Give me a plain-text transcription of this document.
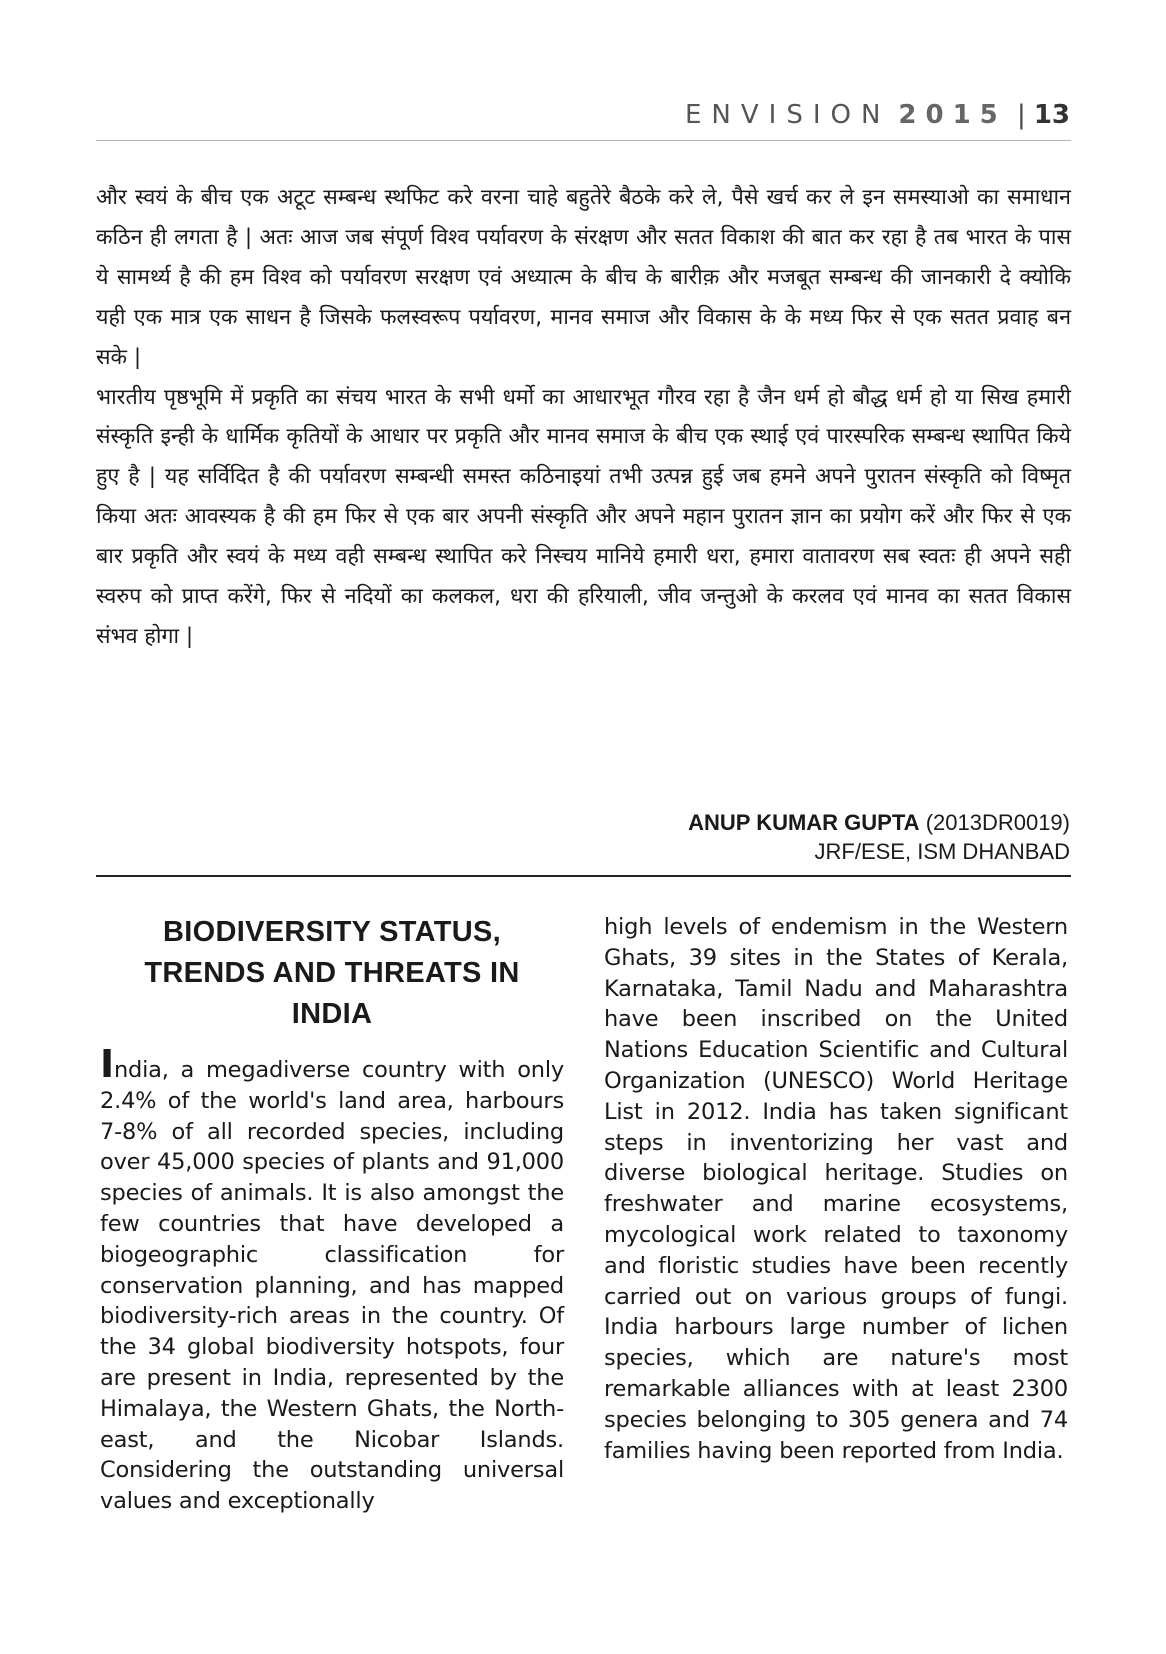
ENVISION 2015 | 13

और स्वयं के बीच एक अटूट सम्बन्ध स्थफिट करे वरना चाहे बहुतेरे बैठके करे ले, पैसे खर्च कर ले इन समस्याओ का समाधान कठिन ही लगता है | अतः आज जब संपूर्ण विश्व पर्यावरण के संरक्षण और सतत विकाश की बात कर रहा है तब भारत के पास ये सामर्थ्य है की हम विश्व को पर्यावरण सरक्षण एवं अध्यात्म के बीच के बारीक़ और मजबूत सम्बन्ध की जानकारी दे क्योकि यही एक मात्र एक साधन है जिसके फलस्वरूप पर्यावरण, मानव समाज और विकास के के मध्य फिर से एक सतत प्रवाह बन सके |

भारतीय पृष्ठभूमि में प्रकृति का संचय भारत के सभी धर्मो का आधारभूत गौरव रहा है जैन धर्म हो बौद्ध धर्म हो या सिख हमारी संस्कृति इन्ही के धार्मिक कृतियों के आधार पर प्रकृति और मानव समाज के बीच एक स्थाई एवं पारस्परिक सम्बन्ध स्थापित किये हुए है | यह सर्विदित है की पर्यावरण सम्बन्धी समस्त कठिनाइयां तभी उत्पन्न हुई जब हमने अपने पुरातन संस्कृति को विष्मृत किया अतः आवस्यक है की हम फिर से एक बार अपनी संस्कृति और अपने महान पुरातन ज्ञान का प्रयोग करें और फिर से एक बार प्रकृति और स्वयं के मध्य वही सम्बन्ध स्थापित करे निस्चय मानिये हमारी धरा, हमारा वातावरण सब स्वतः ही अपने सही स्वरुप को प्राप्त करेंगे, फिर से नदियों का कलकल, धरा की हरियाली, जीव जन्तुओ के करलव एवं मानव का सतत विकास संभव होगा |

ANUP KUMAR GUPTA (2013DR0019)
JRF/ESE, ISM DHANBAD
BIODIVERSITY STATUS, TRENDS AND THREATS IN INDIA

India, a megadiverse country with only 2.4% of the world's land area, harbours 7-8% of all recorded species, including over 45,000 species of plants and 91,000 species of animals. It is also amongst the few countries that have developed a biogeographic classification for conservation planning, and has mapped biodiversity-rich areas in the country. Of the 34 global biodiversity hotspots, four are present in India, represented by the Himalaya, the Western Ghats, the North-east, and the Nicobar Islands. Considering the outstanding universal values and exceptionally

high levels of endemism in the Western Ghats, 39 sites in the States of Kerala, Karnataka, Tamil Nadu and Maharashtra have been inscribed on the United Nations Education Scientific and Cultural Organization (UNESCO) World Heritage List in 2012. India has taken significant steps in inventorizing her vast and diverse biological heritage. Studies on freshwater and marine ecosystems, mycological work related to taxonomy and floristic studies have been recently carried out on various groups of fungi. India harbours large number of lichen species, which are nature's most remarkable alliances with at least 2300 species belonging to 305 genera and 74 families having been reported from India.
